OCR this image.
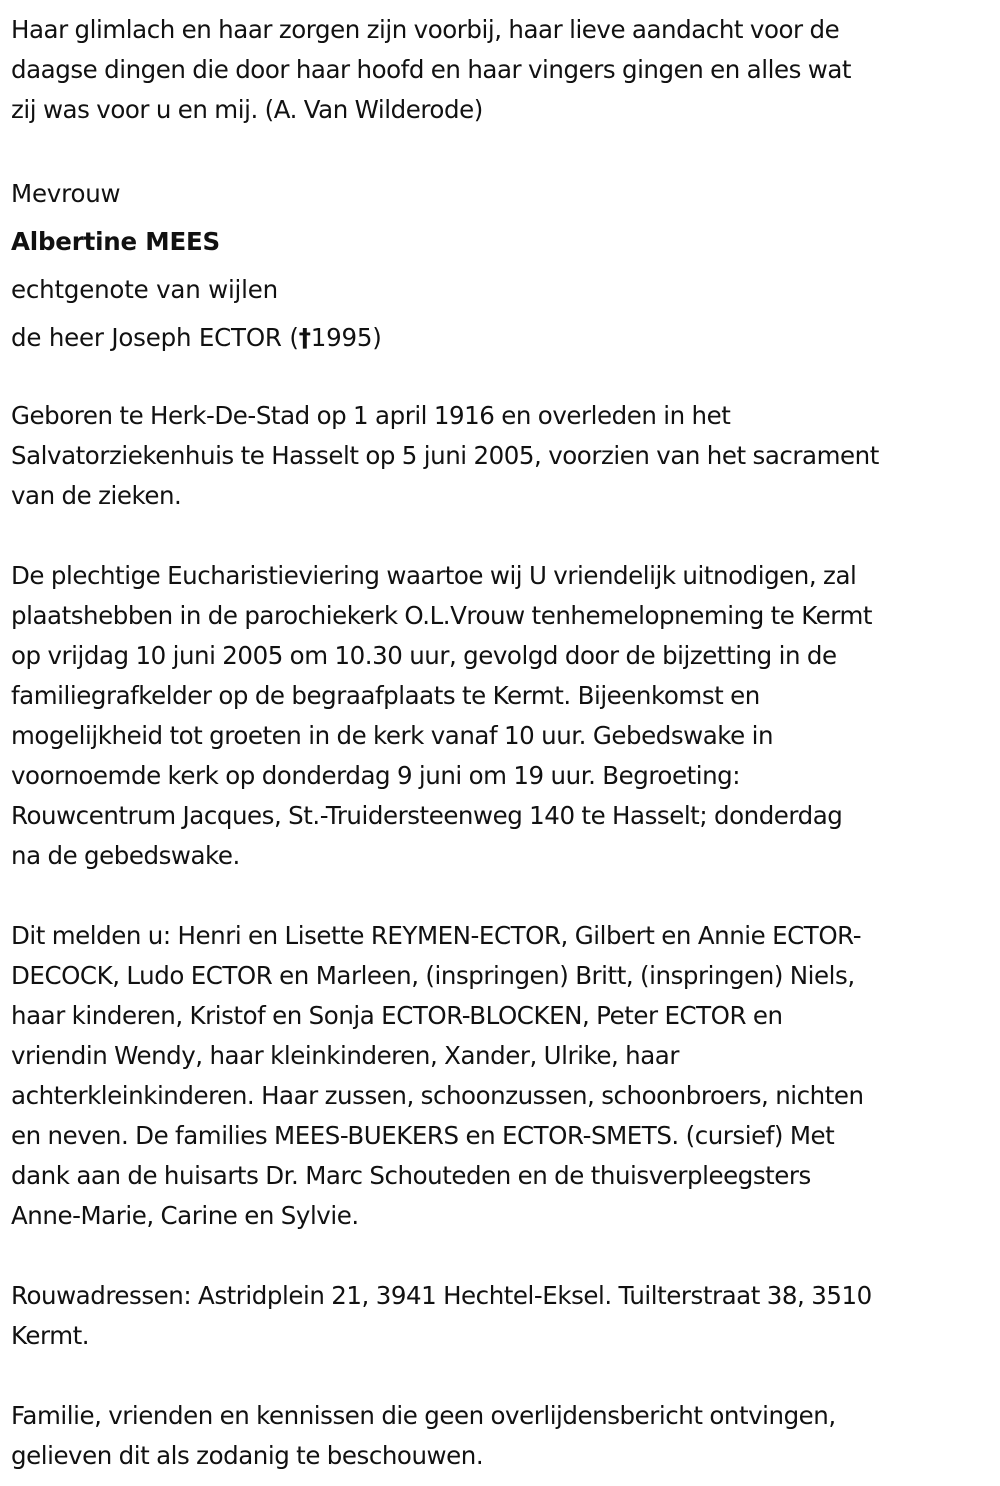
Haar glimlach en haar zorgen zijn voorbij, haar lieve aandacht voor de
daagse dingen die door haar hoofd en haar vingers gingen en alles wat
zij was voor u en mij. (A. Van Wilderode)

Mevrouw

Albertine MEES

echtgenote van wijlen

de heer Joseph ECTOR (†1995)

Geboren te Herk-De-Stad op 1 april 1916 en overleden in het
Salvatorziekenhuis te Hasselt op 5 juni 2005, voorzien van het sacrament
van de zieken.

De plechtige Eucharistieviering waartoe wij U vriendelijk uitnodigen, zal
plaatshebben in de parochiekerk O.L.Vrouw tenhemelopneming te Kermt
op vrijdag 10 juni 2005 om 10.30 uur, gevolgd door de bijzetting in de
familiegrafkelder op de begraafplaats te Kermt. Bijeenkomst en
mogelijkheid tot groeten in de kerk vanaf 10 uur. Gebedswake in
voornoemde kerk op donderdag 9 juni om 19 uur. Begroeting:
Rouwcentrum Jacques, St.-Truidersteenweg 140 te Hasselt; donderdag
na de gebedswake.

Dit melden u: Henri en Lisette REYMEN-ECTOR, Gilbert en Annie ECTOR-
DECOCK, Ludo ECTOR en Marleen, (inspringen) Britt, (inspringen) Niels,
haar kinderen, Kristof en Sonja ECTOR-BLOCKEN, Peter ECTOR en
vriendin Wendy, haar kleinkinderen, Xander, Ulrike, haar
achterkleinkinderen. Haar zussen, schoonzussen, schoonbroers, nichten
en neven. De families MEES-BUEKERS en ECTOR-SMETS. (cursief) Met
dank aan de huisarts Dr. Marc Schouteden en de thuisverpleegsters
Anne-Marie, Carine en Sylvie.

Rouwadressen: Astridplein 21, 3941 Hechtel-Eksel. Tuilterstraat 38, 3510
Kermt.

Familie, vrienden en kennissen die geen overlijdensbericht ontvingen,
gelieven dit als zodanig te beschouwen.
